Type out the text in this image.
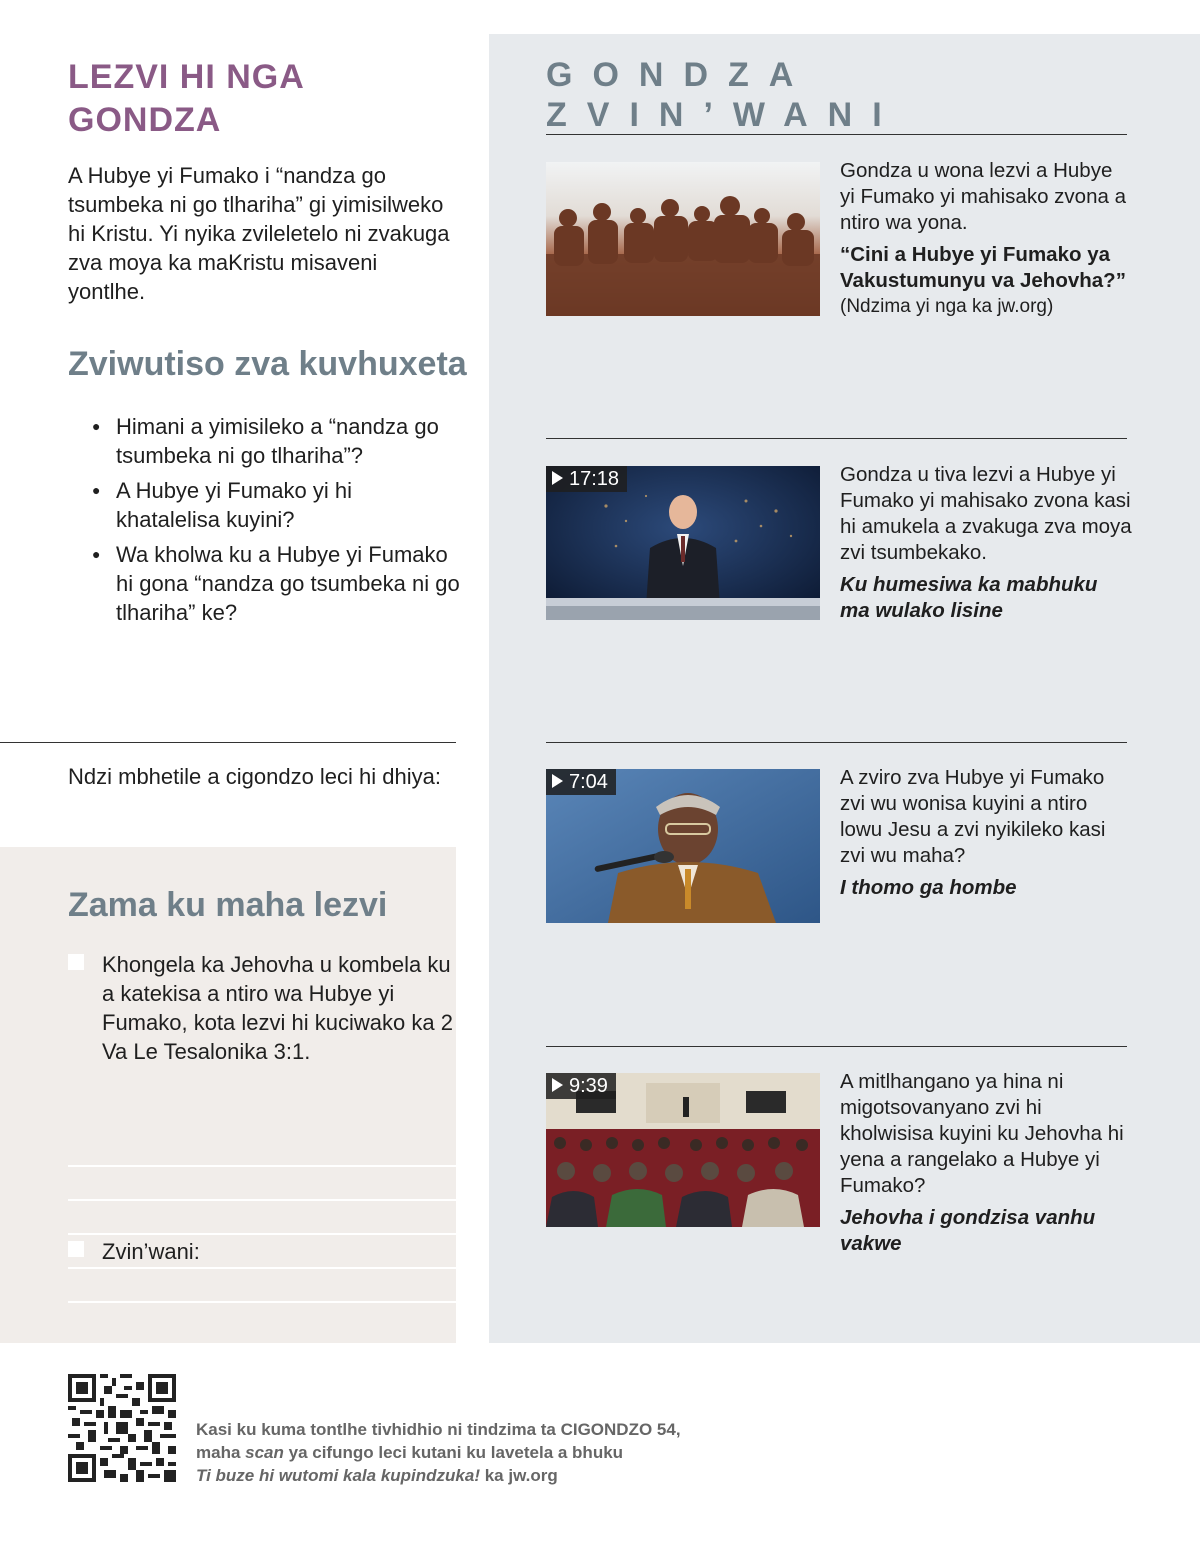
LEZVI HI NGA GONDZA
A Hubye yi Fumako i “nandza go tsumbeka ni go tlhariha” gi yimisilweko hi Kristu. Yi nyika zvileletelo ni zvakuga zva moya ka maKristu misaveni yontlhe.
Zviwutiso zva kuvhuxeta
● Himani a yimisileko a “nandza go tsumbeka ni go tlhariha”?
● A Hubye yi Fumako yi hi khatalelisa kuyini?
● Wa kholwa ku a Hubye yi Fumako hi gona “nandza go tsumbeka ni go tlhariha” ke?
Ndzi mbhetile a cigondzo leci hi dhiya:
Zama ku maha lezvi
Khongela ka Jehovha u kombela ku a katekisa a ntiro wa Hubye yi Fumako, kota lezvi hi kuciwako ka 2 Va Le Tesalonika 3:1.
Zvin’wani:
GONDZA ZVIN’WANI
Gondza u wona lezvi a Hubye yi Fumako yi mahisako zvona a ntiro wa yona.
“Cini a Hubye yi Fumako ya Vakustumunyu va Jehovha?”
(Ndzima yi nga ka jw.org)
17:18	Gondza u tiva lezvi a Hubye yi Fumako yi mahisako zvona kasi hi amukela a zvakuga zva moya zvi tsumbekako.
Ku humesiwa ka mabhuku ma wulako lisine
7:04	A zviro zva Hubye yi Fumako zvi wu wonisa kuyini a ntiro lowu Jesu a zvi nyikileko kasi zvi wu maha?
I thomo ga hombe
9:39	A mitlhangano ya hina ni migotsovanyano zvi hi kholwisisa kuyini ku Jehovha hi yena a rangelako a Hubye yi Fumako?
Jehovha i gondzisa vanhu vakwe
Kasi ku kuma tontlhe tivhidhio ni tindzima ta CIGONDZO 54,
maha scan ya cifungo leci kutani ku lavetela a bhuku
Ti buze hi wutomi kala kupindzuka! ka jw.org
